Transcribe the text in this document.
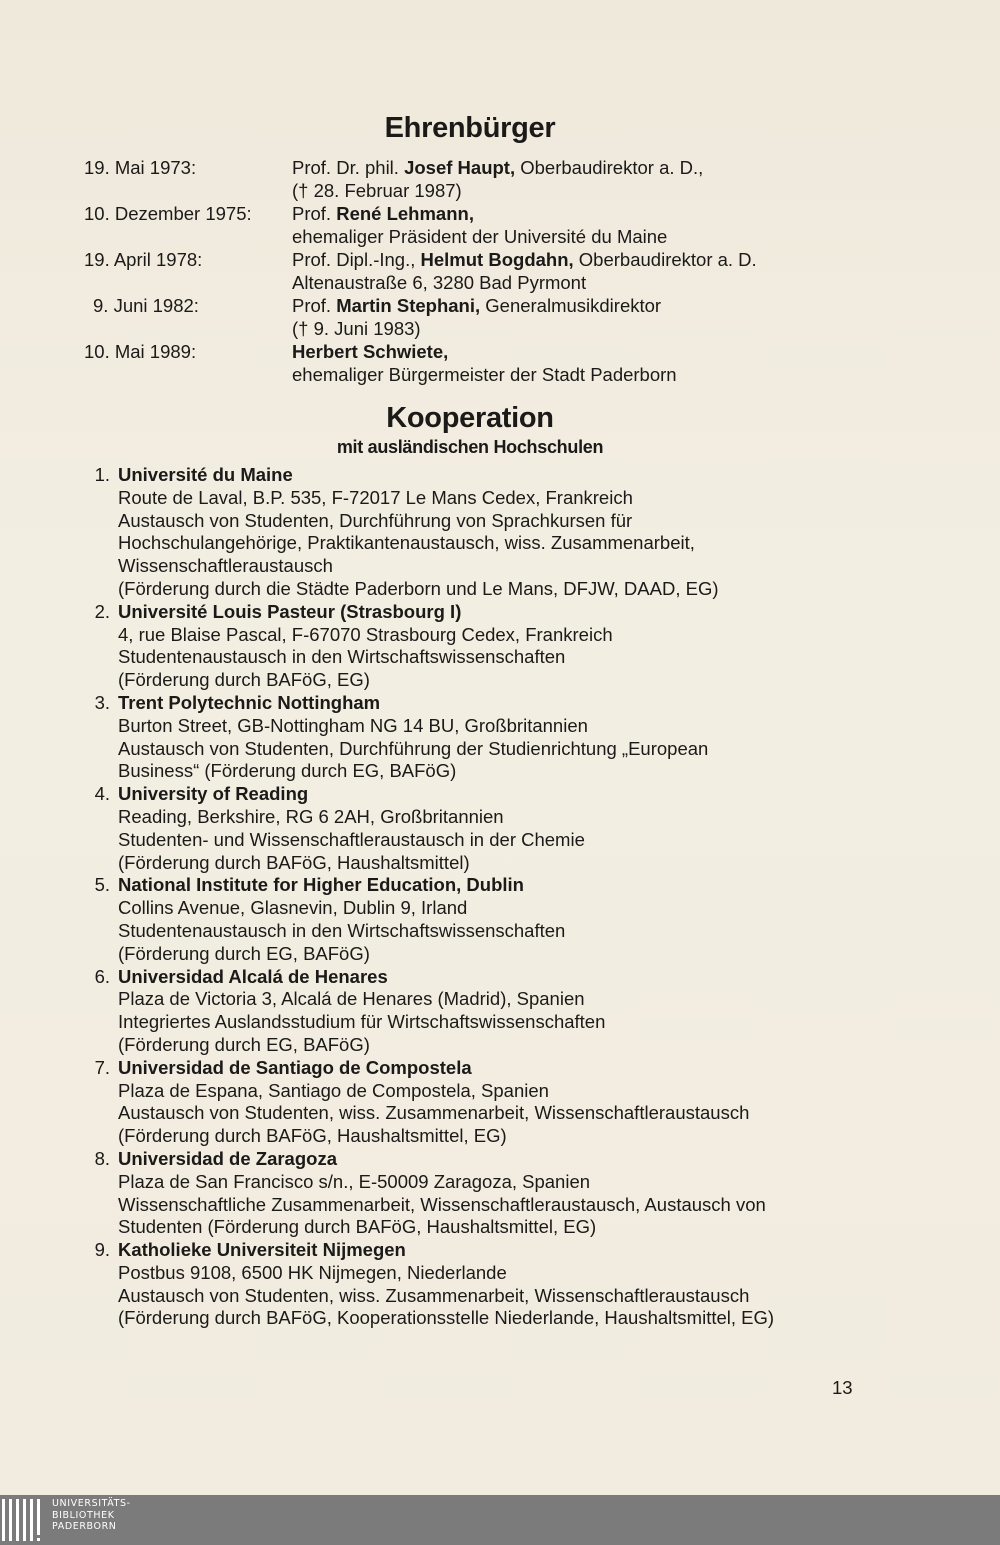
Ehrenbürger
19. Mai 1973:	Prof. Dr. phil. Josef Haupt, Oberbaudirektor a. D.,
(† 28. Februar 1987)
10. Dezember 1975: Prof. René Lehmann,
ehemaliger Präsident der Université du Maine
19. April 1978:	Prof. Dipl.-Ing., Helmut Bogdahn, Oberbaudirektor a. D.
Altenaustraße 6, 3280 Bad Pyrmont
9. Juni 1982:	Prof. Martin Stephani, Generalmusikdirektor
(† 9. Juni 1983)
10. Mai 1989:	Herbert Schwiete,
ehemaliger Bürgermeister der Stadt Paderborn
Kooperation
mit ausländischen Hochschulen
1. Université du Maine
Route de Laval, B.P. 535, F-72017 Le Mans Cedex, Frankreich
Austausch von Studenten, Durchführung von Sprachkursen für
Hochschulangehörige, Praktikantenaustausch, wiss. Zusammenarbeit,
Wissenschaftleraustausch
(Förderung durch die Städte Paderborn und Le Mans, DFJW, DAAD, EG)
2. Université Louis Pasteur (Strasbourg I)
4, rue Blaise Pascal, F-67070 Strasbourg Cedex, Frankreich
Studentenaustausch in den Wirtschaftswissenschaften
(Förderung durch BAFöG, EG)
3. Trent Polytechnic Nottingham
Burton Street, GB-Nottingham NG 14 BU, Großbritannien
Austausch von Studenten, Durchführung der Studienrichtung „European
Business“ (Förderung durch EG, BAFöG)
4. University of Reading
Reading, Berkshire, RG 6 2AH, Großbritannien
Studenten- und Wissenschaftleraustausch in der Chemie
(Förderung durch BAFöG, Haushaltsmittel)
5. National Institute for Higher Education, Dublin
Collins Avenue, Glasnevin, Dublin 9, Irland
Studentenaustausch in den Wirtschaftswissenschaften
(Förderung durch EG, BAFöG)
6. Universidad Alcalá de Henares
Plaza de Victoria 3, Alcalá de Henares (Madrid), Spanien
Integriertes Auslandsstudium für Wirtschaftswissenschaften
(Förderung durch EG, BAFöG)
7. Universidad de Santiago de Compostela
Plaza de Espana, Santiago de Compostela, Spanien
Austausch von Studenten, wiss. Zusammenarbeit, Wissenschaftleraustausch
(Förderung durch BAFöG, Haushaltsmittel, EG)
8. Universidad de Zaragoza
Plaza de San Francisco s/n., E-50009 Zaragoza, Spanien
Wissenschaftliche Zusammenarbeit, Wissenschaftleraustausch, Austausch von
Studenten (Förderung durch BAFöG, Haushaltsmittel, EG)
9. Katholieke Universiteit Nijmegen
Postbus 9108, 6500 HK Nijmegen, Niederlande
Austausch von Studenten, wiss. Zusammenarbeit, Wissenschaftleraustausch
(Förderung durch BAFöG, Kooperationsstelle Niederlande, Haushaltsmittel, EG)
13
UNIVERSITÄTS-
BIBLIOTHEK
PADERBORN
